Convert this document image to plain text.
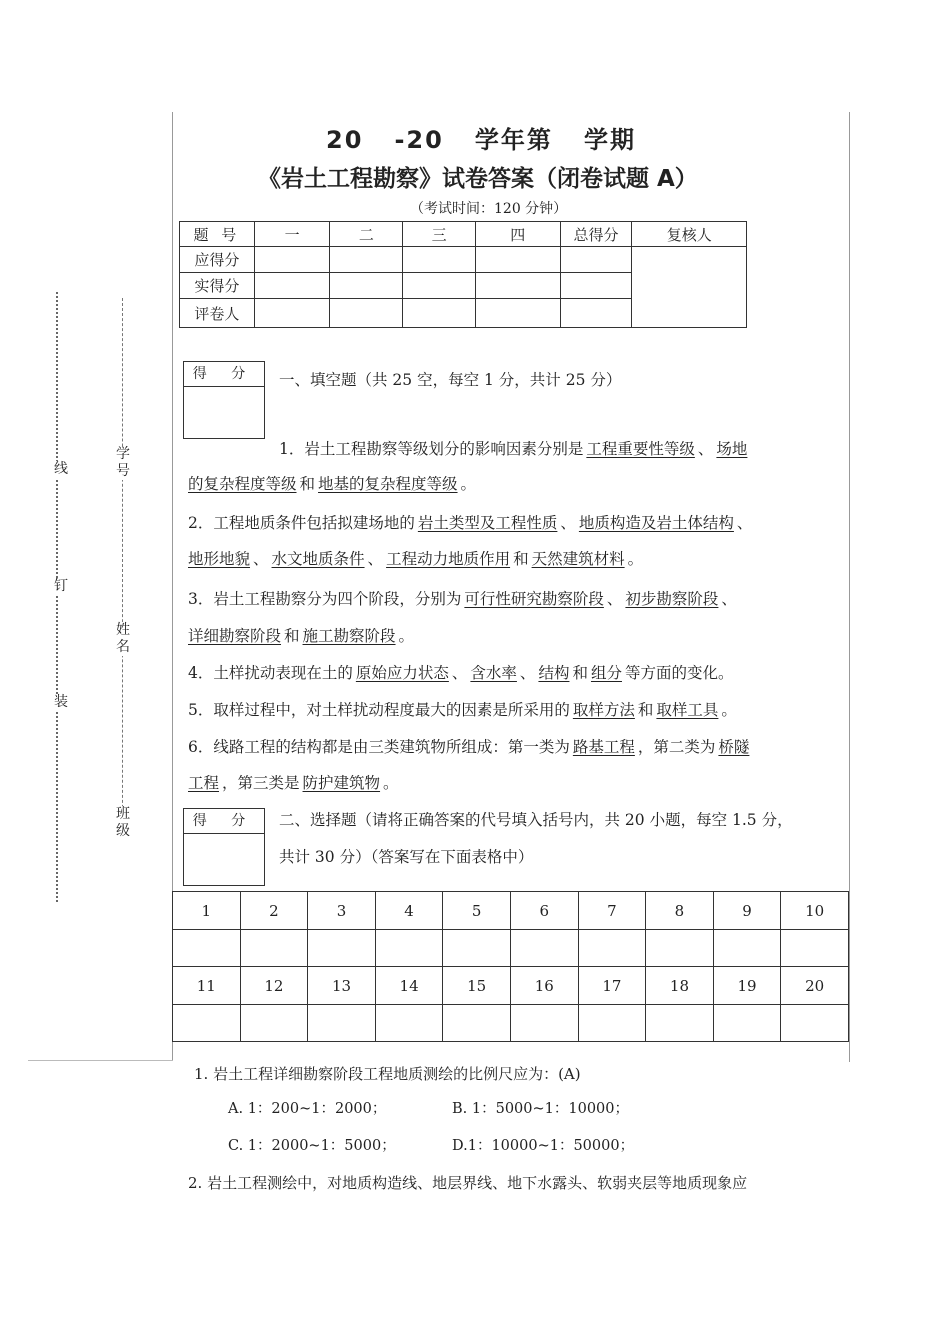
线
钉
装
学号
姓名
班级
20   -20   学年第   学期
《岩土工程勘察》试卷答案（闭卷试题 A）
（考试时间：120 分钟）
题 号	一	二	三	四	总得分	复核人
应得分						
实得分						
评卷人						
得 分	一、填空题（共 25 空，每空 1 分，共计 25 分）
1．岩土工程勘察等级划分的影响因素分别是 工程重要性等级 、 场地
的复杂程度等级 和 地基的复杂程度等级 。
2．工程地质条件包括拟建场地的 岩土类型及工程性质 、 地质构造及岩土体结构 、
地形地貌 、 水文地质条件 、 工程动力地质作用 和 天然建筑材料 。
3．岩土工程勘察分为四个阶段，分别为 可行性研究勘察阶段 、 初步勘察阶段 、
详细勘察阶段 和 施工勘察阶段 。
4．土样扰动表现在土的 原始应力状态 、 含水率 、 结构 和 组分 等方面的变化。
5．取样过程中，对土样扰动程度最大的因素是所采用的 取样方法 和 取样工具 。
6．线路工程的结构都是由三类建筑物所组成：第一类为 路基工程 ，第二类为 桥隧
工程 ，第三类是 防护建筑物 。
得 分	二、选择题（请将正确答案的代号填入括号内，共 20 小题，每空 1.5 分，
共计 30 分）（答案写在下面表格中）
1	2	3	4	5	6	7	8	9	10

11	12	13	14	15	16	17	18	19	20

1. 岩土工程详细勘察阶段工程地质测绘的比例尺应为：(A)
A. 1：200~1：2000；	B. 1：5000~1：10000；
C. 1：2000~1：5000；	D.1：10000~1：50000；
2. 岩土工程测绘中，对地质构造线、地层界线、地下水露头、软弱夹层等地质现象应
